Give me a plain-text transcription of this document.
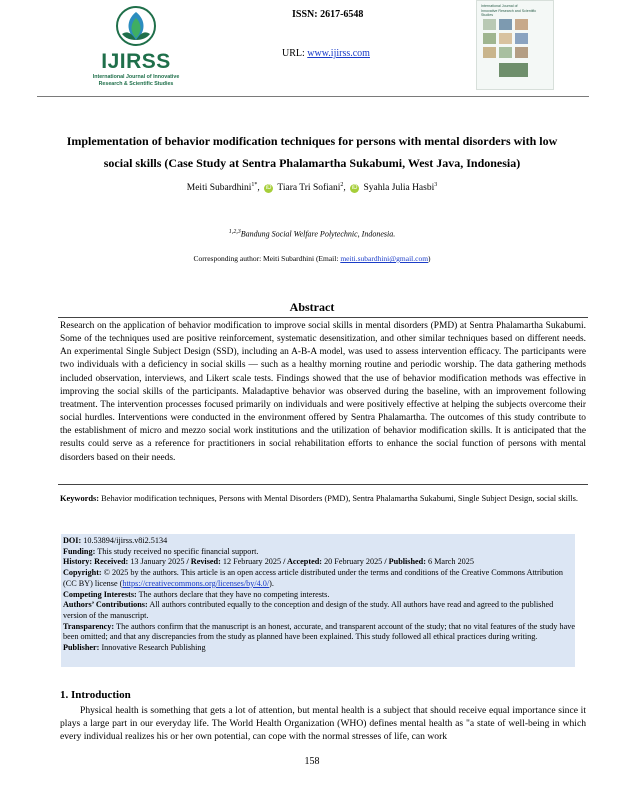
IJIRSS
International Journal of Innovative
Research & Scientific Studies
ISSN: 2617-6548
URL: www.ijirss.com
International Journal of
Innovative Research and Scientific Studies
Implementation of behavior modification techniques for persons with mental disorders with low
social skills (Case Study at Sentra Phalamartha Sukabumi, West Java, Indonesia)
Meiti Subardhini$^{1*}$, iD Tiara Tri Sofiani$^2$, iD Syahla Julia Hasbi$^3$
$^{1,2,3}$Bandung Social Welfare Polytechnic, Indonesia.
Corresponding author: Meiti Subardhini (Email: meiti.subardhini@gmail.com)
Abstract
Research on the application of behavior modification to improve social skills in mental disorders (PMD) at Sentra Phalamartha Sukabumi. Some of the techniques used are positive reinforcement, systematic desensitization, and other similar techniques based on different needs. An experimental Single Subject Design (SSD), including an A-B-A model, was used to assess intervention efficacy. The participants were two individuals with a deficiency in social skills — such as a healthy morning routine and periodic worship. The data gathering methods included observation, interviews, and Likert scale tests. Findings showed that the use of behavior modification methods was effective in improving the social skills of the participants. Maladaptive behavior was observed during the baseline, with an improvement following treatment. The intervention processes focused primarily on individuals and were positively effective at helping the subjects overcome their social hurdles. Interventions were conducted in the environment offered by Sentra Phalamartha. The outcomes of this study contribute to the establishment of micro and mezzo social work institutions and the utilization of behavior modification skills. It is anticipated that the results could serve as a reference for practitioners in social rehabilitation efforts to enhance the social function of persons with mental disorders based on their needs.
Keywords: Behavior modification techniques, Persons with Mental Disorders (PMD), Sentra Phalamartha Sukabumi, Single Subject Design, social skills.

DOI: 10.53894/ijirss.v8i2.5134

Funding: This study received no specific financial support.

History: Received: 13 January 2025 / Revised: 12 February 2025 / Accepted: 20 February 2025 / Published: 6 March 2025

Copyright: © 2025 by the authors. This article is an open access article distributed under the terms and conditions of the Creative Commons Attribution (CC BY) license (https://creativecommons.org/licenses/by/4.0/).

Competing Interests: The authors declare that they have no competing interests.

Authors’ Contributions: All authors contributed equally to the conception and design of the study. All authors have read and agreed to the published version of the manuscript.

Transparency: The authors confirm that the manuscript is an honest, accurate, and transparent account of the study; that no vital features of the study have been omitted; and that any discrepancies from the study as planned have been explained. This study followed all ethical practices during writing.

Publisher: Innovative Research Publishing

1. Introduction
Physical health is something that gets a lot of attention, but mental health is a subject that should receive equal importance since it plays a large part in our everyday life. The World Health Organization (WHO) defines mental health as "a state of well-being in which every individual realizes his or her own potential, can cope with the normal stresses of life, can work
158
